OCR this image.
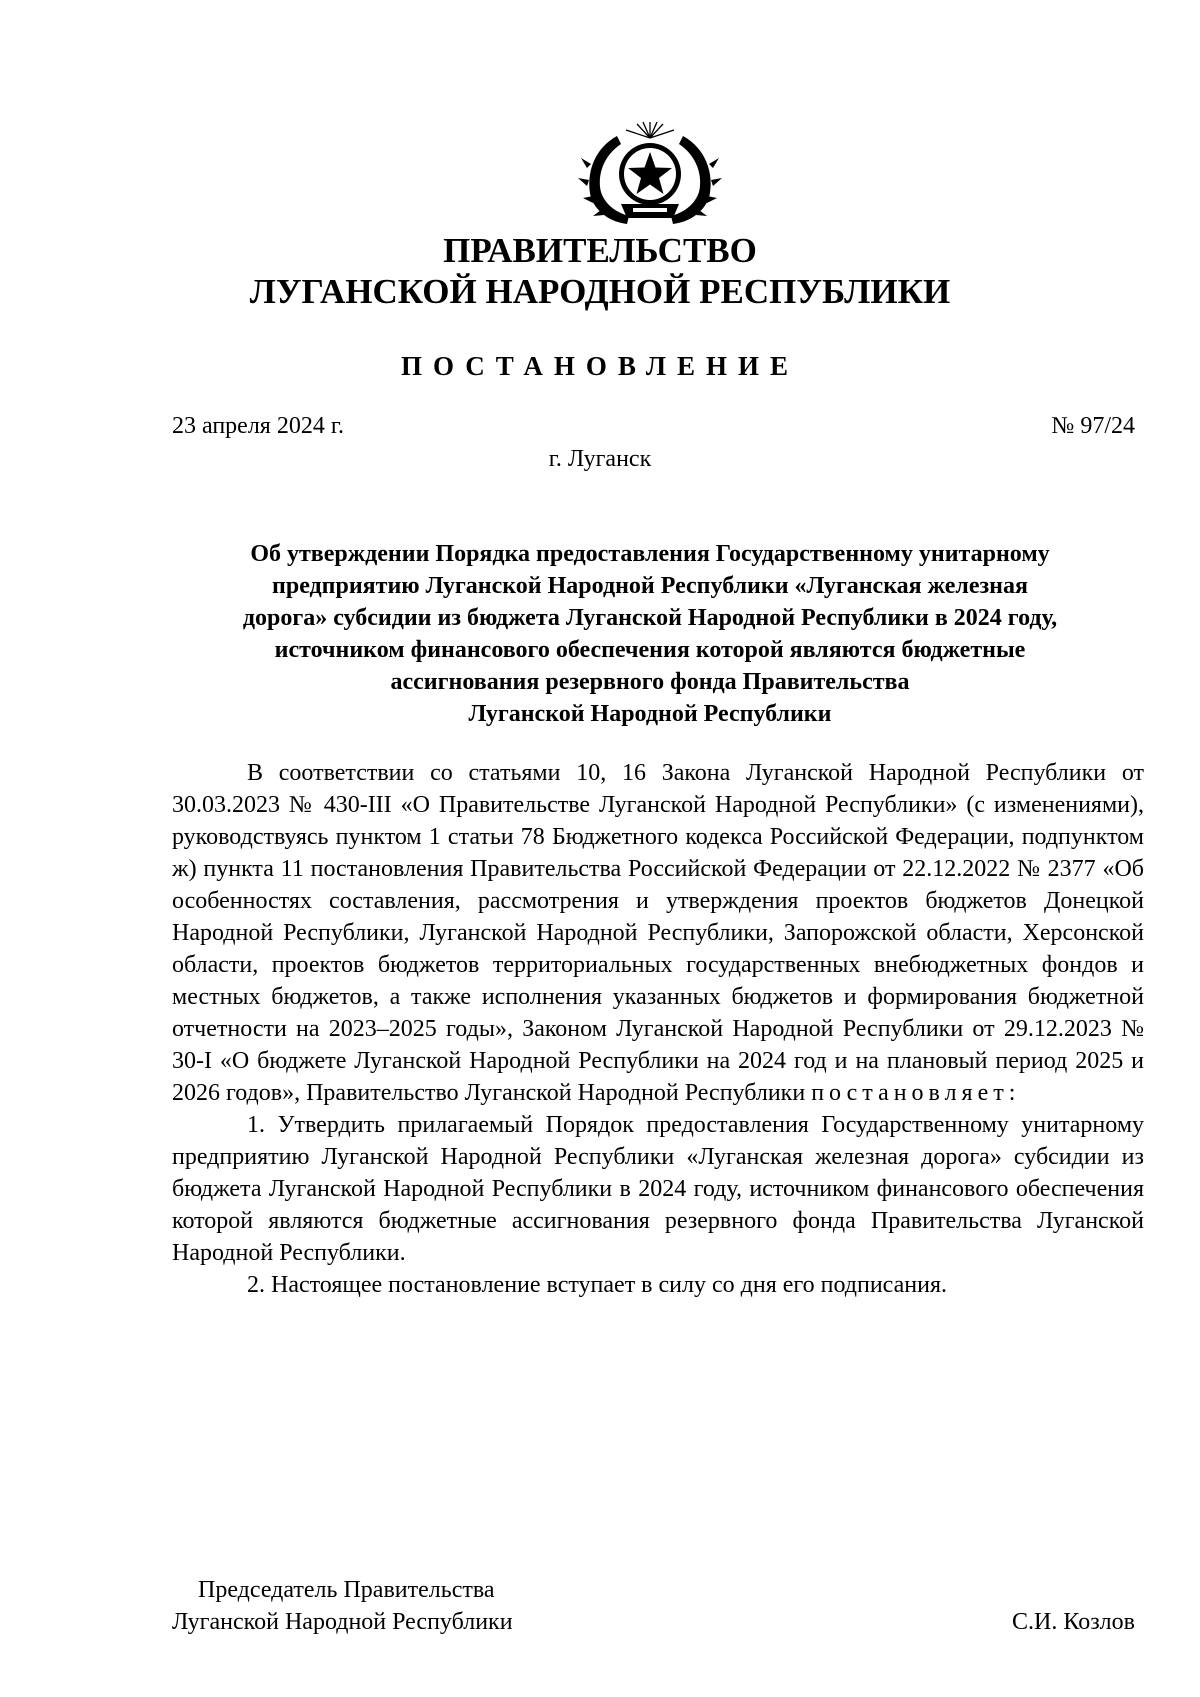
ПРАВИТЕЛЬСТВО
ЛУГАНСКОЙ НАРОДНОЙ РЕСПУБЛИКИ
ПОСТАНОВЛЕНИЕ
23 апреля 2024 г.	№ 97/24
г. Луганск
Об утверждении Порядка предоставления Государственному унитарному
предприятию Луганской Народной Республики «Луганская железная
дорога» субсидии из бюджета Луганской Народной Республики в 2024 году,
источником финансового обеспечения которой являются бюджетные
ассигнования резервного фонда Правительства
Луганской Народной Республики

В соответствии со статьями 10, 16 Закона Луганской Народной Республики от 30.03.2023 № 430-III «О Правительстве Луганской Народной Республики» (с изменениями), руководствуясь пунктом 1 статьи 78 Бюджетного кодекса Российской Федерации, подпунктом ж) пункта 11 постановления Правительства Российской Федерации от 22.12.2022 № 2377 «Об особенностях составления, рассмотрения и утверждения проектов бюджетов Донецкой Народной Республики, Луганской Народной Республики, Запорожской области, Херсонской области, проектов бюджетов территориальных государственных внебюджетных фондов и местных бюджетов, а также исполнения указанных бюджетов и формирования бюджетной отчетности на 2023–2025 годы», Законом Луганской Народной Республики от 29.12.2023 № 30-I «О бюджете Луганской Народной Республики на 2024 год и на плановый период 2025 и 2026 годов», Правительство Луганской Народной Республики постановляет:

1. Утвердить прилагаемый Порядок предоставления Государственному унитарному предприятию Луганской Народной Республики «Луганская железная дорога» субсидии из бюджета Луганской Народной Республики в 2024 году, источником финансового обеспечения которой являются бюджетные ассигнования резервного фонда Правительства Луганской Народной Республики.

2. Настоящее постановление вступает в силу со дня его подписания.

Председатель Правительства
Луганской Народной Республики	С.И. Козлов
